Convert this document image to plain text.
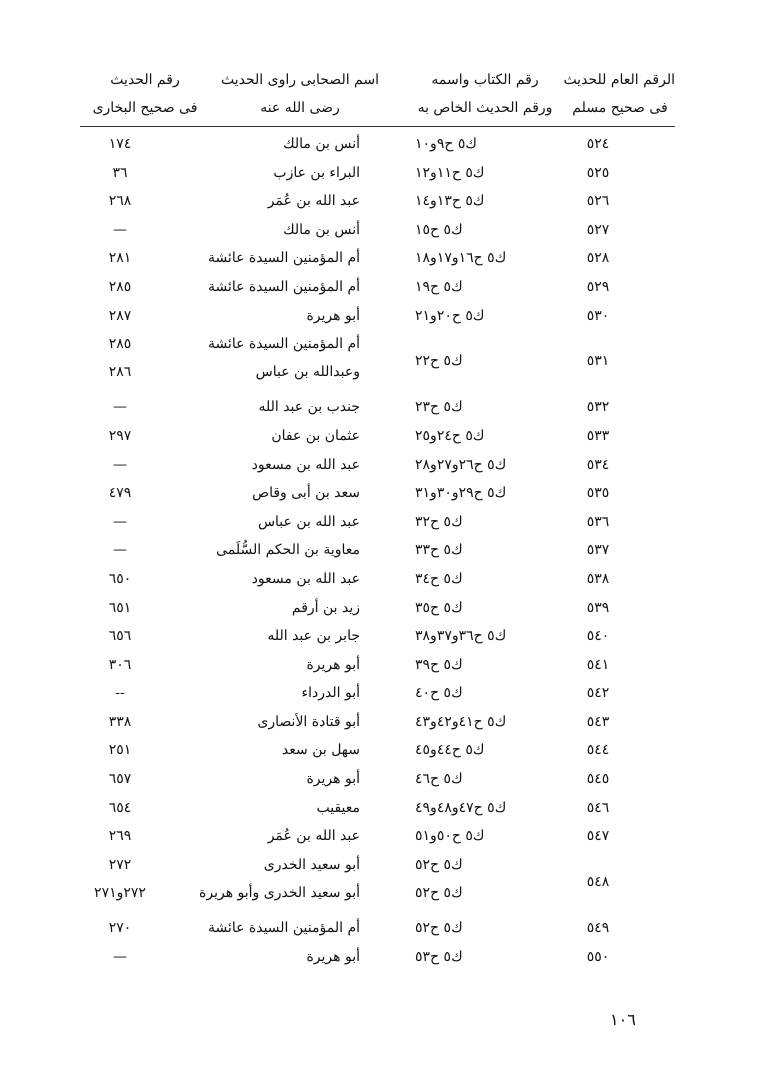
الرقم العام للحديث
فى صحيح مسلم
رقم الكتاب واسمه
ورقم الحديث الخاص به
اسم الصحابى راوى الحديث
رضى الله عنه
رقم الحديث
فى صحيح البخارى
٥٢٤
ك٥ ح٩و١٠
أنس بن مالك
١٧٤
٥٢٥
ك٥ ح١١و١٢
البراء بن عازب
٣٦
٥٢٦
ك٥ ح١٣و١٤
عبد الله بن عُمَر
٢٦٨
٥٢٧
ك٥ ح١٥
أنس بن مالك
—
٥٢٨
ك٥ ح١٦و١٧و١٨
أم المؤمنين السيدة عائشة
٢٨١
٥٢٩
ك٥ ح١٩
أم المؤمنين السيدة عائشة
٢٨٥
٥٣٠
ك٥ ح٢٠و٢١
أبو هريرة
٢٨٧
٥٣١
ك٥ ح٢٢
أم المؤمنين السيدة عائشة
وعبدالله بن عباس
٢٨٥
٢٨٦
٥٣٢
ك٥ ح٢٣
جندب بن عبد الله
—
٥٣٣
ك٥ ح٢٤و٢٥
عثمان بن عفان
٢٩٧
٥٣٤
ك٥ ح٢٦و٢٧و٢٨
عبد الله بن مسعود
—
٥٣٥
ك٥ ح٢٩و٣٠و٣١
سعد بن أبى وقاص
٤٧٩
٥٣٦
ك٥ ح٣٢
عبد الله بن عباس
—
٥٣٧
ك٥ ح٣٣
معاوية بن الحكم السُّلَمى
—
٥٣٨
ك٥ ح٣٤
عبد الله بن مسعود
٦٥٠
٥٣٩
ك٥ ح٣٥
زيد بن أرقم
٦٥١
٥٤٠
ك٥ ح٣٦و٣٧و٣٨
جابر بن عبد الله
٦٥٦
٥٤١
ك٥ ح٣٩
أبو هريرة
٣٠٦
٥٤٢
ك٥ ح٤٠
أبو الدرداء
--
٥٤٣
ك٥ ح٤١و٤٢و٤٣
أبو قتادة الأنصارى
٣٣٨
٥٤٤
ك٥ ح٤٤و٤٥
سهل بن سعد
٢٥١
٥٤٥
ك٥ ح٤٦
أبو هريرة
٦٥٧
٥٤٦
ك٥ ح٤٧و٤٨و٤٩
معيقيب
٦٥٤
٥٤٧
ك٥ ح٥٠و٥١
عبد الله بن عُمَر
٢٦٩
٥٤٨
ك٥ ح٥٢
ك٥ ح٥٢
أبو سعيد الخدرى
أبو سعيد الخدرى وأبو هريرة
٢٧٢
٢٧٢و٢٧١
٥٤٩
ك٥ ح٥٢
أم المؤمنين السيدة عائشة
٢٧٠
٥٥٠
ك٥ ح٥٣
أبو هريرة
—
١٠٦
